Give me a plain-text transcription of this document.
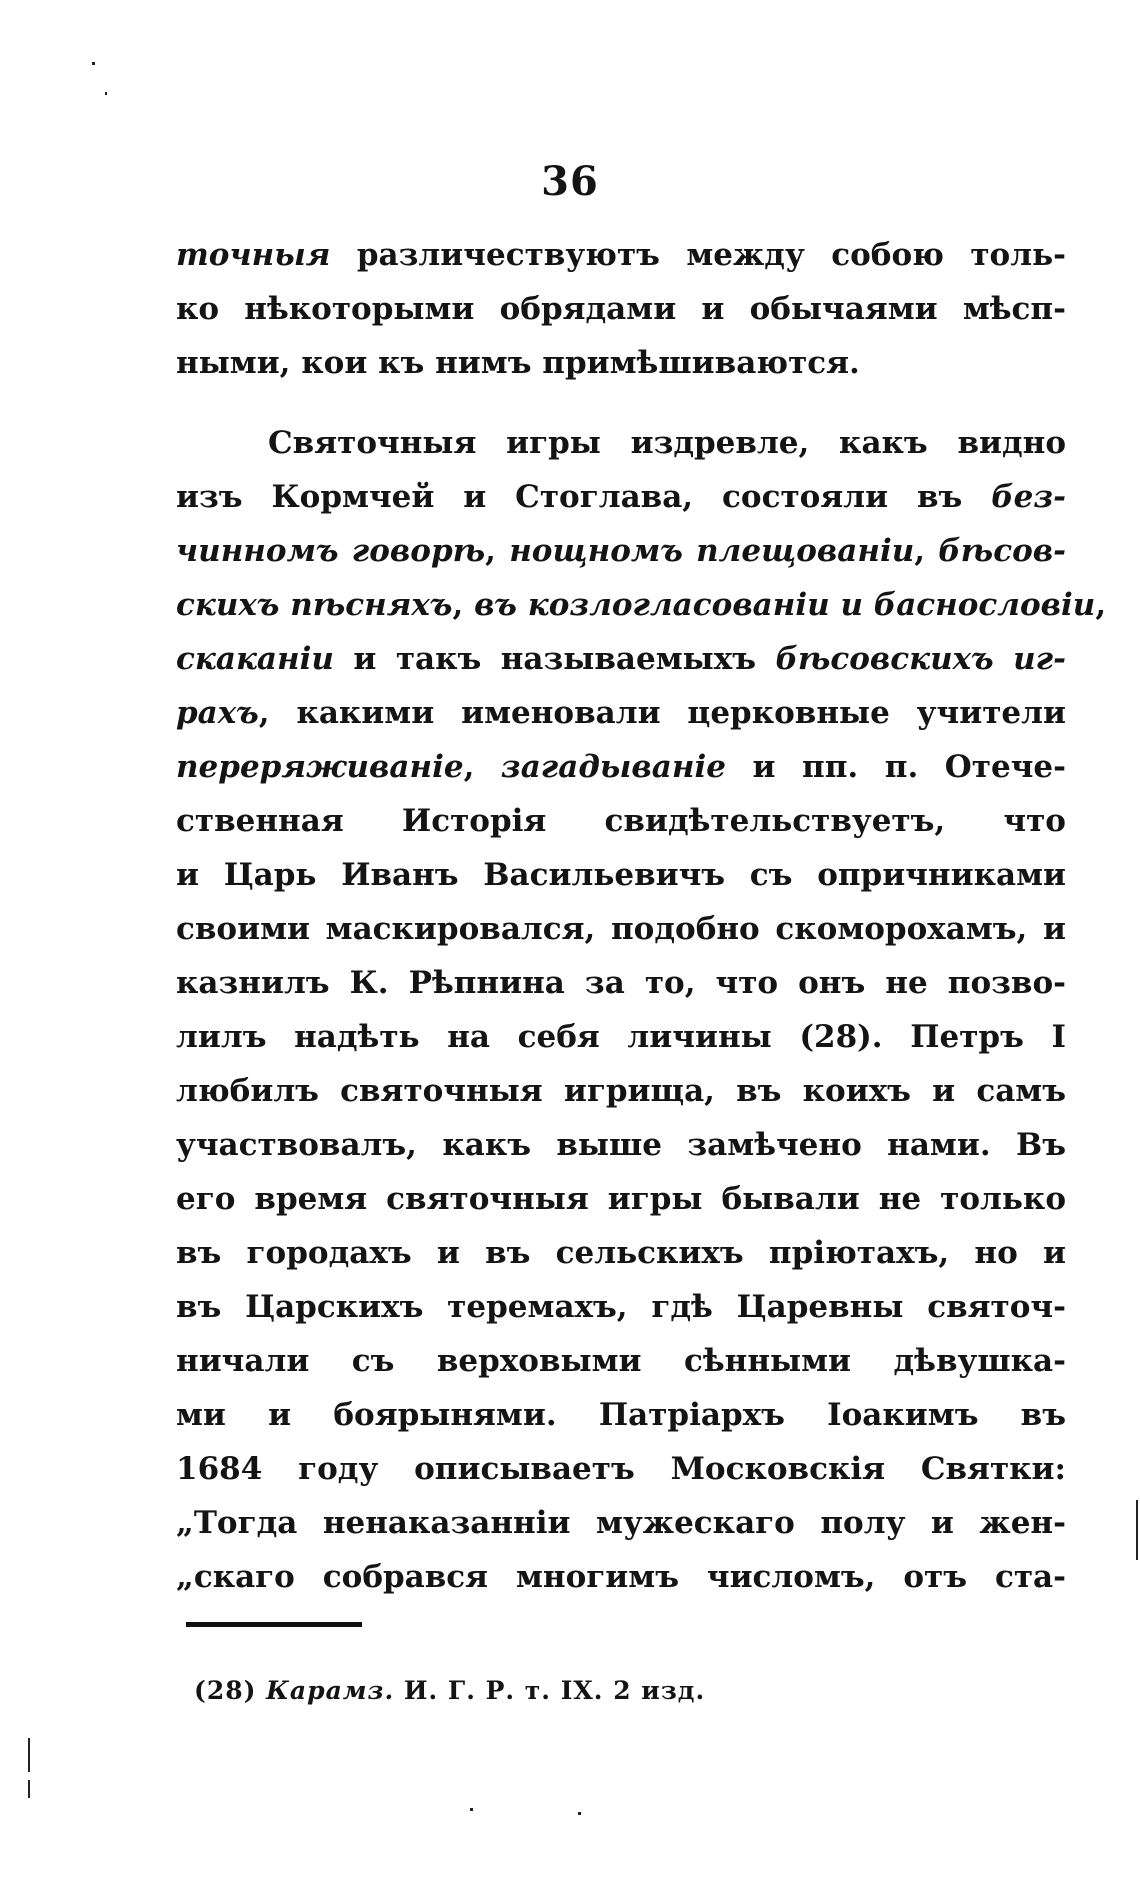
36
точныя различествуютъ между собою толь-
ко нѣкоторыми обрядами и обычаями мѣсп-
ными, кои къ нимъ примѣшиваются.
Святочныя игры издревле, какъ видно
изъ Кормчей и Стоглава, состояли въ без-
чинномъ говорѣ, нощномъ плещованіи, бѣсов-
скихъ пѣсняхъ, въ козлогласованіи и баснословіи,
скаканіи и такъ называемыхъ бѣсовскихъ иг-
рахъ, какими именовали церковные учители
переряживаніе, загадываніе и пп. п. Отече-
ственная Исторія свидѣтельствуетъ, что
и Царь Иванъ Васильевичъ съ опричниками
своими маскировался, подобно скоморохамъ, и
казнилъ К. Рѣпнина за то, что онъ не позво-
лилъ надѣть на себя личины (28). Петръ I
любилъ святочныя игрища, въ коихъ и самъ
участвовалъ, какъ выше замѣчено нами. Въ
его время святочныя игры бывали не только
въ городахъ и въ сельскихъ пріютахъ, но и
въ Царскихъ теремахъ, гдѣ Царевны святоч-
ничали съ верховыми сѣнными дѣвушка-
ми и боярынями. Патріархъ Іоакимъ въ
1684 году описываетъ Московскія Святки:
„Тогда ненаказанніи мужескаго полу и жен-
„скаго собрався многимъ числомъ, отъ ста-
(28) Карамз. И. Г. Р. т. IX. 2 изд.
